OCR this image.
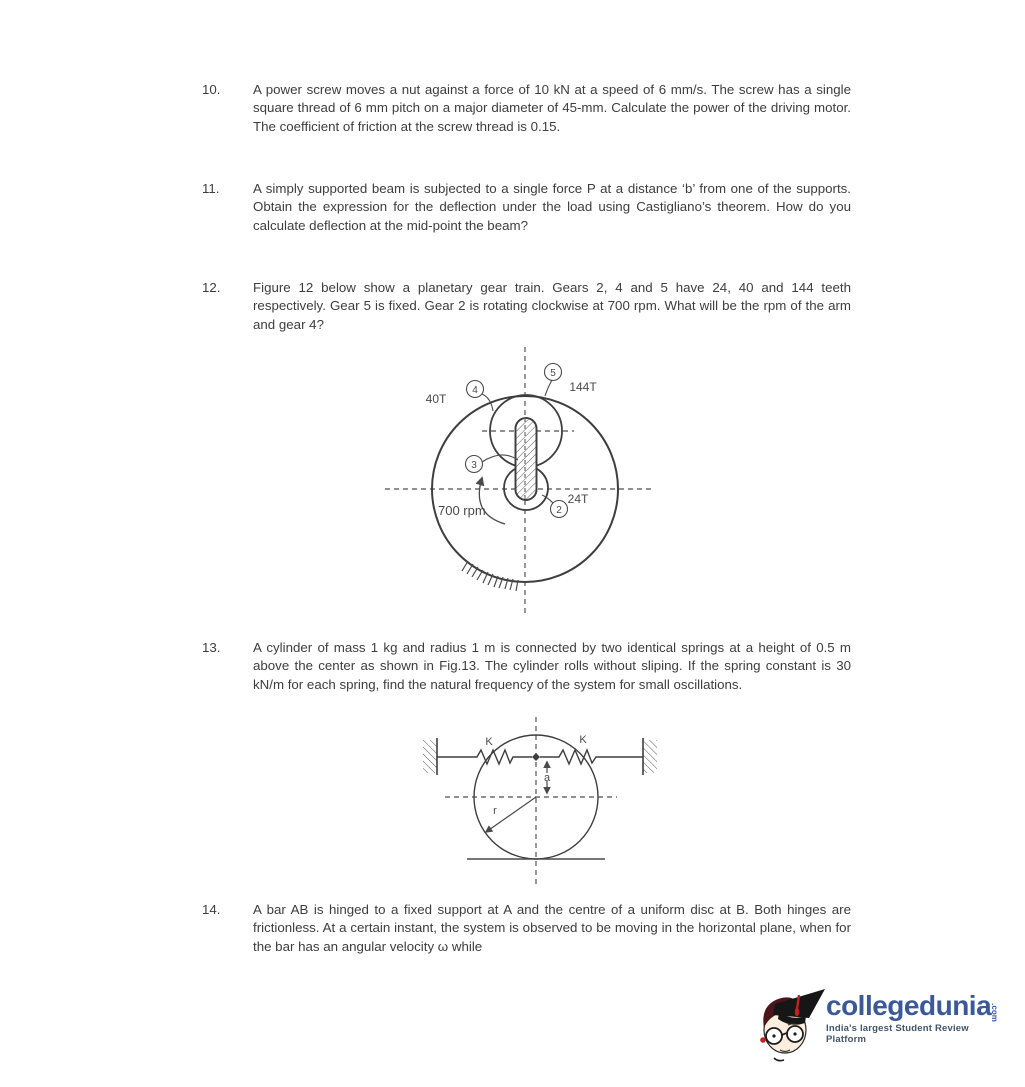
10.	A power screw moves a nut against a force of 10 kN at a speed of 6 mm/s. The screw has a single square thread of 6 mm pitch on a major diameter of 45-mm. Calculate the power of the driving motor. The coefficient of friction at the screw thread is 0.15.
11.	A simply supported beam is subjected to a single force P at a distance ‘b’ from one of the supports. Obtain the expression for the deflection under the load using Castigliano’s theorem. How do you calculate deflection at the mid-point the beam?
12.	Figure 12 below show a planetary gear train. Gears 2, 4 and 5 have 24, 40 and 144 teeth respectively. Gear 5 is fixed. Gear 2 is rotating clockwise at 700 rpm. What will be the rpm of the arm and gear 4?
700 rpm
4
5
3
2
40T
144T
24T
13.	A cylinder of mass 1 kg and radius 1 m is connected by two identical springs at a height of 0.5 m above the center as shown in Fig.13. The cylinder rolls without sliping. If the spring constant is 30 kN/m for each spring, find the natural frequency of the system for small oscillations.
a
r
K	K
14.	A bar AB is hinged to a fixed support at A and the centre of a uniform disc at B. Both hinges are frictionless. At a certain instant, the system is observed to be moving in the horizontal plane, when for the bar has an angular velocity ω while
collegedunia.com
India's largest Student Review Platform
